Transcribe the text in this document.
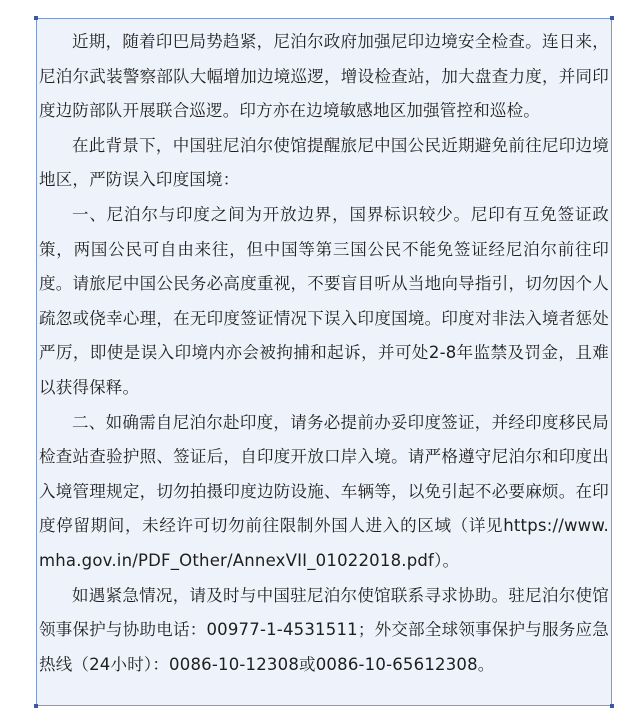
近期，随着印巴局势趋紧，尼泊尔政府加强尼印边境安全检查。连日来，尼泊尔武装警察部队大幅增加边境巡逻，增设检查站，加大盘查力度，并同印度边防部队开展联合巡逻。印方亦在边境敏感地区加强管控和巡检。

在此背景下，中国驻尼泊尔使馆提醒旅尼中国公民近期避免前往尼印边境地区，严防误入印度国境：

一、尼泊尔与印度之间为开放边界，国界标识较少。尼印有互免签证政策，两国公民可自由来往，但中国等第三国公民不能免签证经尼泊尔前往印度。请旅尼中国公民务必高度重视，不要盲目听从当地向导指引，切勿因个人疏忽或侥幸心理，在无印度签证情况下误入印度国境。印度对非法入境者惩处严厉，即使是误入印境内亦会被拘捕和起诉，并可处2-8年监禁及罚金，且难以获得保释。

二、如确需自尼泊尔赴印度，请务必提前办妥印度签证，并经印度移民局检查站查验护照、签证后，自印度开放口岸入境。请严格遵守尼泊尔和印度出入境管理规定，切勿拍摄印度边防设施、车辆等，以免引起不必要麻烦。在印度停留期间，未经许可切勿前往限制外国人进入的区域（详见https://www.mha.gov.in/PDF_Other/AnnexVII_01022018.pdf）。

如遇紧急情况，请及时与中国驻尼泊尔使馆联系寻求协助。驻尼泊尔使馆领事保护与协助电话：00977-1-4531511；外交部全球领事保护与服务应急热线（24小时）：0086-10-12308或0086-10-65612308。
